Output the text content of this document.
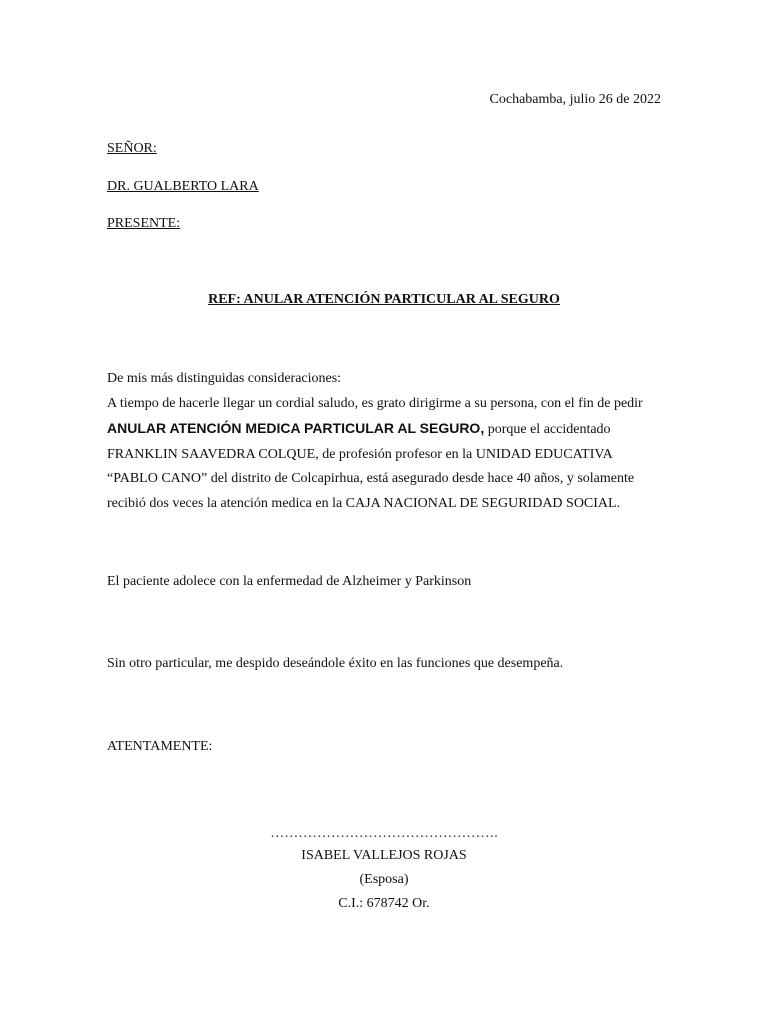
Cochabamba, julio 26 de 2022
SEÑOR:
DR. GUALBERTO LARA
PRESENTE:
REF: ANULAR ATENCIÓN PARTICULAR AL SEGURO
De mis más distinguidas consideraciones:
A tiempo de hacerle llegar un cordial saludo, es grato dirigirme a su persona, con el fin de pedir
ANULAR ATENCIÓN MEDICA PARTICULAR AL SEGURO, porque el accidentado
FRANKLIN SAAVEDRA COLQUE, de profesión profesor en la UNIDAD EDUCATIVA
“PABLO CANO” del distrito de Colcapirhua, está asegurado desde hace 40 años, y solamente
recibió dos veces la atención medica en la CAJA NACIONAL DE SEGURIDAD SOCIAL.
El paciente adolece con la enfermedad de Alzheimer y Parkinson
Sin otro particular, me despido deseándole éxito en las funciones que desempeña.
ATENTAMENTE:
………………………………………….
ISABEL VALLEJOS ROJAS
(Esposa)
C.I.: 678742 Or.
